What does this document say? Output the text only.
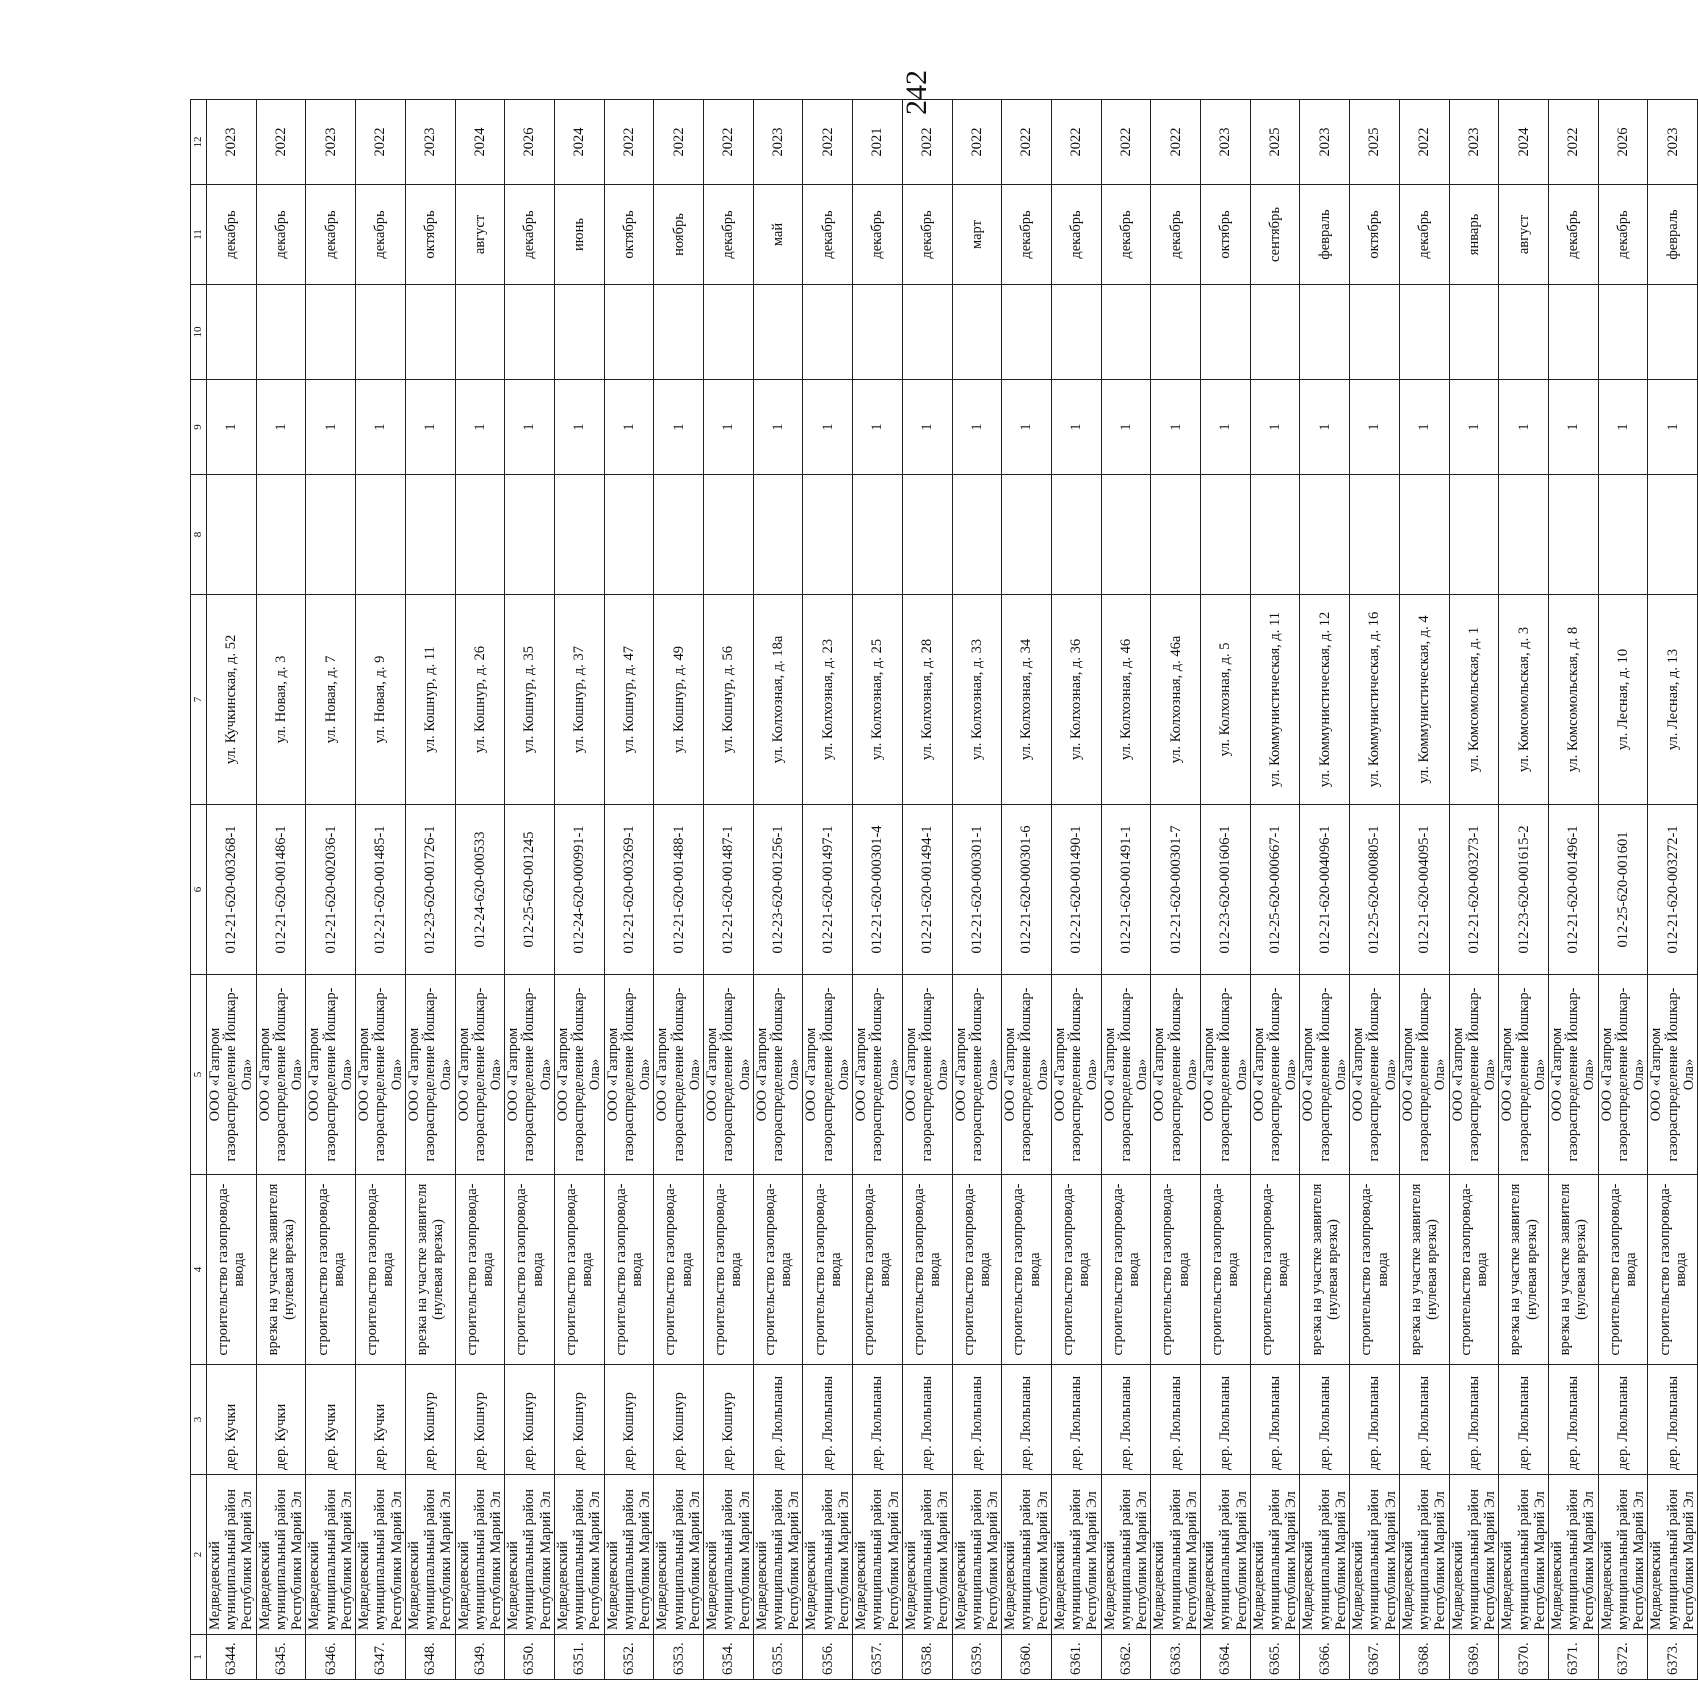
242
1	2	3	4	5	6	7	8	9	10	11	12
6344.	Медведевский муниципальный район Республики Марий Эл	дер. Кучки	строительство газопровода-ввода	ООО «Газпром газораспределение Йошкар-Ола»	012-21-620-003268-1	ул. Кучкинская, д. 52		1		декабрь	2023
6345.	Медведевский муниципальный район Республики Марий Эл	дер. Кучки	врезка на участке заявителя (нулевая врезка)	ООО «Газпром газораспределение Йошкар-Ола»	012-21-620-001486-1	ул. Новая, д. 3		1		декабрь	2022
6346.	Медведевский муниципальный район Республики Марий Эл	дер. Кучки	строительство газопровода-ввода	ООО «Газпром газораспределение Йошкар-Ола»	012-21-620-002036-1	ул. Новая, д. 7		1		декабрь	2023
6347.	Медведевский муниципальный район Республики Марий Эл	дер. Кучки	строительство газопровода-ввода	ООО «Газпром газораспределение Йошкар-Ола»	012-21-620-001485-1	ул. Новая, д. 9		1		декабрь	2022
6348.	Медведевский муниципальный район Республики Марий Эл	дер. Кошнур	врезка на участке заявителя (нулевая врезка)	ООО «Газпром газораспределение Йошкар-Ола»	012-23-620-001726-1	ул. Кошнур, д. 11		1		октябрь	2023
6349.	Медведевский муниципальный район Республики Марий Эл	дер. Кошнур	строительство газопровода-ввода	ООО «Газпром газораспределение Йошкар-Ола»	012-24-620-000533	ул. Кошнур, д. 26		1		август	2024
6350.	Медведевский муниципальный район Республики Марий Эл	дер. Кошнур	строительство газопровода-ввода	ООО «Газпром газораспределение Йошкар-Ола»	012-25-620-001245	ул. Кошнур, д. 35		1		декабрь	2026
6351.	Медведевский муниципальный район Республики Марий Эл	дер. Кошнур	строительство газопровода-ввода	ООО «Газпром газораспределение Йошкар-Ола»	012-24-620-000991-1	ул. Кошнур, д. 37		1		июнь	2024
6352.	Медведевский муниципальный район Республики Марий Эл	дер. Кошнур	строительство газопровода-ввода	ООО «Газпром газораспределение Йошкар-Ола»	012-21-620-003269-1	ул. Кошнур, д. 47		1		октябрь	2022
6353.	Медведевский муниципальный район Республики Марий Эл	дер. Кошнур	строительство газопровода-ввода	ООО «Газпром газораспределение Йошкар-Ола»	012-21-620-001488-1	ул. Кошнур, д. 49		1		ноябрь	2022
6354.	Медведевский муниципальный район Республики Марий Эл	дер. Кошнур	строительство газопровода-ввода	ООО «Газпром газораспределение Йошкар-Ола»	012-21-620-001487-1	ул. Кошнур, д. 56		1		декабрь	2022
6355.	Медведевский муниципальный район Республики Марий Эл	дер. Люльпаны	строительство газопровода-ввода	ООО «Газпром газораспределение Йошкар-Ола»	012-23-620-001256-1	ул. Колхозная, д. 18а		1		май	2023
6356.	Медведевский муниципальный район Республики Марий Эл	дер. Люльпаны	строительство газопровода-ввода	ООО «Газпром газораспределение Йошкар-Ола»	012-21-620-001497-1	ул. Колхозная, д. 23		1		декабрь	2022
6357.	Медведевский муниципальный район Республики Марий Эл	дер. Люльпаны	строительство газопровода-ввода	ООО «Газпром газораспределение Йошкар-Ола»	012-21-620-000301-4	ул. Колхозная, д. 25		1		декабрь	2021
6358.	Медведевский муниципальный район Республики Марий Эл	дер. Люльпаны	строительство газопровода-ввода	ООО «Газпром газораспределение Йошкар-Ола»	012-21-620-001494-1	ул. Колхозная, д. 28		1		декабрь	2022
6359.	Медведевский муниципальный район Республики Марий Эл	дер. Люльпаны	строительство газопровода-ввода	ООО «Газпром газораспределение Йошкар-Ола»	012-21-620-000301-1	ул. Колхозная, д. 33		1		март	2022
6360.	Медведевский муниципальный район Республики Марий Эл	дер. Люльпаны	строительство газопровода-ввода	ООО «Газпром газораспределение Йошкар-Ола»	012-21-620-000301-6	ул. Колхозная, д. 34		1		декабрь	2022
6361.	Медведевский муниципальный район Республики Марий Эл	дер. Люльпаны	строительство газопровода-ввода	ООО «Газпром газораспределение Йошкар-Ола»	012-21-620-001490-1	ул. Колхозная, д. 36		1		декабрь	2022
6362.	Медведевский муниципальный район Республики Марий Эл	дер. Люльпаны	строительство газопровода-ввода	ООО «Газпром газораспределение Йошкар-Ола»	012-21-620-001491-1	ул. Колхозная, д. 46		1		декабрь	2022
6363.	Медведевский муниципальный район Республики Марий Эл	дер. Люльпаны	строительство газопровода-ввода	ООО «Газпром газораспределение Йошкар-Ола»	012-21-620-000301-7	ул. Колхозная, д. 46а		1		декабрь	2022
6364.	Медведевский муниципальный район Республики Марий Эл	дер. Люльпаны	строительство газопровода-ввода	ООО «Газпром газораспределение Йошкар-Ола»	012-23-620-001606-1	ул. Колхозная, д. 5		1		октябрь	2023
6365.	Медведевский муниципальный район Республики Марий Эл	дер. Люльпаны	строительство газопровода-ввода	ООО «Газпром газораспределение Йошкар-Ола»	012-25-620-000667-1	ул. Коммунистическая, д. 11		1		сентябрь	2025
6366.	Медведевский муниципальный район Республики Марий Эл	дер. Люльпаны	врезка на участке заявителя (нулевая врезка)	ООО «Газпром газораспределение Йошкар-Ола»	012-21-620-004096-1	ул. Коммунистическая, д. 12		1		февраль	2023
6367.	Медведевский муниципальный район Республики Марий Эл	дер. Люльпаны	строительство газопровода-ввода	ООО «Газпром газораспределение Йошкар-Ола»	012-25-620-000805-1	ул. Коммунистическая, д. 16		1		октябрь	2025
6368.	Медведевский муниципальный район Республики Марий Эл	дер. Люльпаны	врезка на участке заявителя (нулевая врезка)	ООО «Газпром газораспределение Йошкар-Ола»	012-21-620-004095-1	ул. Коммунистическая, д. 4		1		декабрь	2022
6369.	Медведевский муниципальный район Республики Марий Эл	дер. Люльпаны	строительство газопровода-ввода	ООО «Газпром газораспределение Йошкар-Ола»	012-21-620-003273-1	ул. Комсомольская, д. 1		1		январь	2023
6370.	Медведевский муниципальный район Республики Марий Эл	дер. Люльпаны	врезка на участке заявителя (нулевая врезка)	ООО «Газпром газораспределение Йошкар-Ола»	012-23-620-001615-2	ул. Комсомольская, д. 3		1		август	2024
6371.	Медведевский муниципальный район Республики Марий Эл	дер. Люльпаны	врезка на участке заявителя (нулевая врезка)	ООО «Газпром газораспределение Йошкар-Ола»	012-21-620-001496-1	ул. Комсомольская, д. 8		1		декабрь	2022
6372.	Медведевский муниципальный район Республики Марий Эл	дер. Люльпаны	строительство газопровода-ввода	ООО «Газпром газораспределение Йошкар-Ола»	012-25-620-001601	ул. Лесная, д. 10		1		декабрь	2026
6373.	Медведевский муниципальный район Республики Марий Эл	дер. Люльпаны	строительство газопровода-ввода	ООО «Газпром газораспределение Йошкар-Ола»	012-21-620-003272-1	ул. Лесная, д. 13		1		февраль	2023
